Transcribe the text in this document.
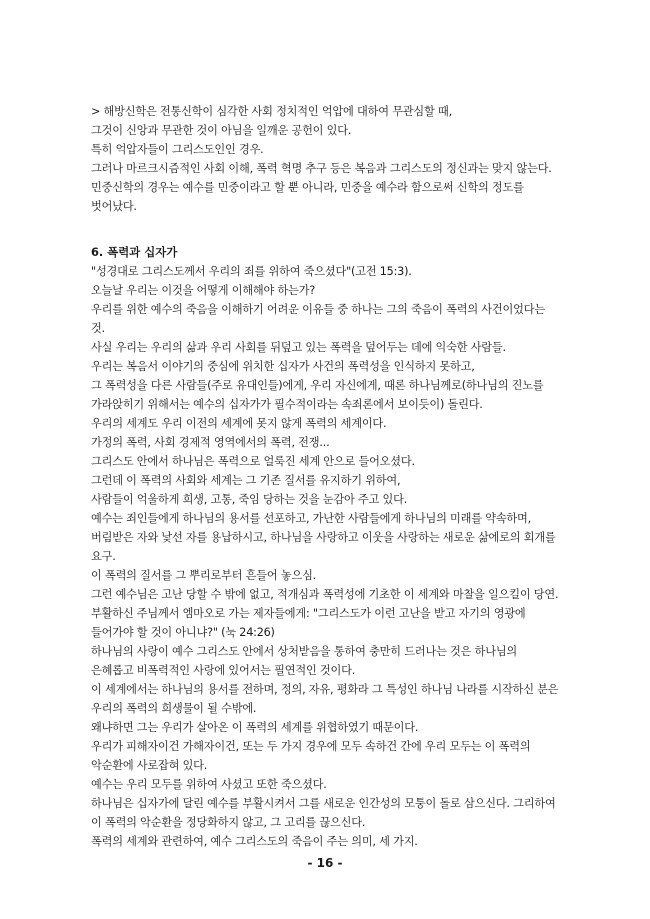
> 해방신학은 전통신학이 심각한 사회 정치적인 억압에 대하여 무관심할 때,

그것이 신앙과 무관한 것이 아님을 일깨운 공헌이 있다.

특히 억압자들이 그리스도인인 경우.

그러나 마르크시즘적인 사회 이해, 폭력 혁명 추구 등은 복음과 그리스도의 정신과는 맞지 않는다.

민중신학의 경우는 예수를 민중이라고 할 뿐 아니라, 민중을 예수라 함으로써 신학의 정도를 벗어났다.

6. 폭력과 십자가

"성경대로 그리스도께서 우리의 죄를 위하여 죽으셨다"(고전 15:3).

오늘날 우리는 이것을 어떻게 이해해야 하는가?

우리를 위한 예수의 죽음을 이해하기 어려운 이유들 중 하나는 그의 죽음이 폭력의 사건이었다는 것.

사실 우리는 우리의 삶과 우리 사회를 뒤덮고 있는 폭력을 덮어두는 데에 익숙한 사람들.

우리는 복음서 이야기의 중심에 위치한 십자가 사건의 폭력성을 인식하지 못하고,

그 폭력성을 다른 사람들(주로 유대인들)에게, 우리 자신에게, 때론 하나님께로(하나님의 진노를 가라앉히기 위해서는 예수의 십자가가 필수적이라는 속죄론에서 보이듯이) 돌린다.

우리의 세계도 우리 이전의 세계에 못지 않게 폭력의 세계이다.

가정의 폭력, 사회 경제적 영역에서의 폭력, 전쟁...

그리스도 안에서 하나님은 폭력으로 얼룩진 세계 안으로 들어오셨다.

그런데 이 폭력의 사회와 세계는 그 기존 질서를 유지하기 위하여,

사람들이 억울하게 희생, 고통, 죽임 당하는 것을 눈감아 주고 있다.

예수는 죄인들에게 하나님의 용서를 선포하고, 가난한 사람들에게 하나님의 미래를 약속하며, 버림받은 자와 낯선 자를 용납하시고, 하나님을 사랑하고 이웃을 사랑하는 새로운 삶에로의 회개를 요구.

이 폭력의 질서를 그 뿌리로부터 흔들어 놓으심.

그런 예수님은 고난 당할 수 밖에 없고, 적개심과 폭력성에 기초한 이 세계와 마찰을 일으킬이 당연.

부활하신 주님께서 엠마오로 가는 제자들에게: "그리스도가 이런 고난을 받고 자기의 영광에 들어가야 할 것이 아니냐?" (눅 24:26)

하나님의 사랑이 예수 그리스도 안에서 상처받음을 통하여 충만히 드러나는 것은 하나님의 은혜롭고 비폭력적인 사랑에 있어서는 필연적인 것이다.

이 세계에서는 하나님의 용서를 전하며, 정의, 자유, 평화라 그 특성인 하나님 나라를 시작하신 분은 우리의 폭력의 희생물이 될 수밖에.

왜냐하면 그는 우리가 살아온 이 폭력의 세계를 위협하였기 때문이다.

우리가 피해자이건 가해자이건, 또는 두 가지 경우에 모두 속하건 간에 우리 모두는 이 폭력의 악순환에 사로잡혀 있다.

예수는 우리 모두를 위하여 사셨고 또한 죽으셨다.

하나님은 십자가에 달린 예수를 부활시켜서 그를 새로운 인간성의 모퉁이 돌로 삼으신다. 그리하여 이 폭력의 악순환을 정당화하지 않고, 그 고리를 끊으신다.

폭력의 세계와 관련하여, 예수 그리스도의 죽음이 주는 의미, 세 가지.

- 16 -
